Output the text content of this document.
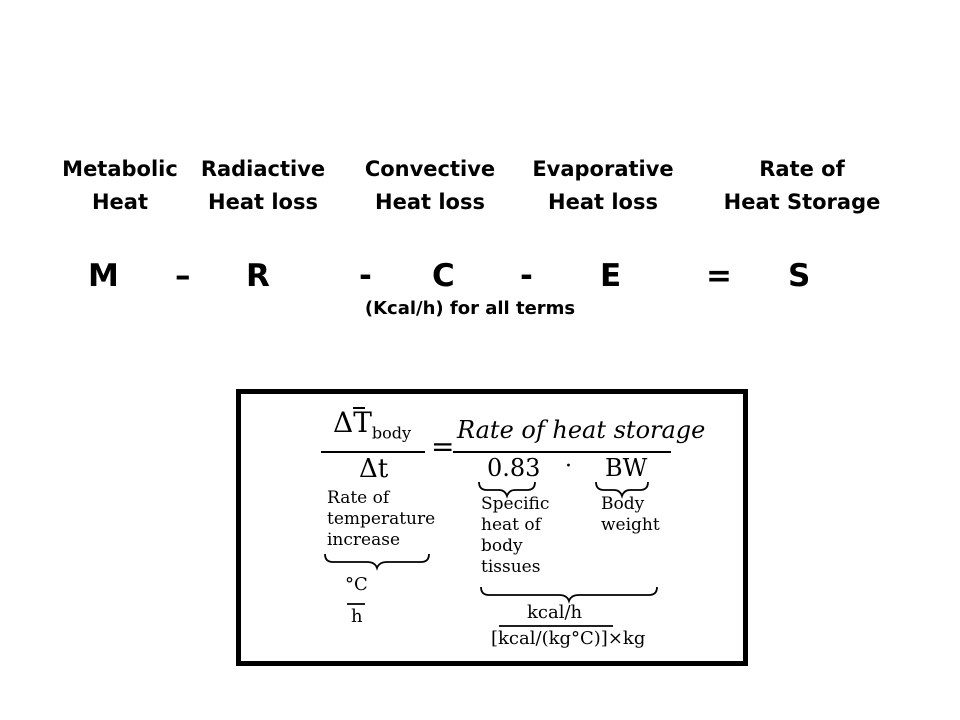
Metabolic
Heat
Radiactive
Heat loss
Convective
Heat loss
Evaporative
Heat loss
Rate of
Heat Storage
M – R	- C - E	= S
(Kcal/h) for all terms
$\Delta T_{body}$
Δt
= Rate of heat storage
0.83 · BW
Rate of
temperature
increase
Specific
heat of
body
tissues
Body
weight
°C
h	kcal/h
[kcal/(kg°C)]×kg
